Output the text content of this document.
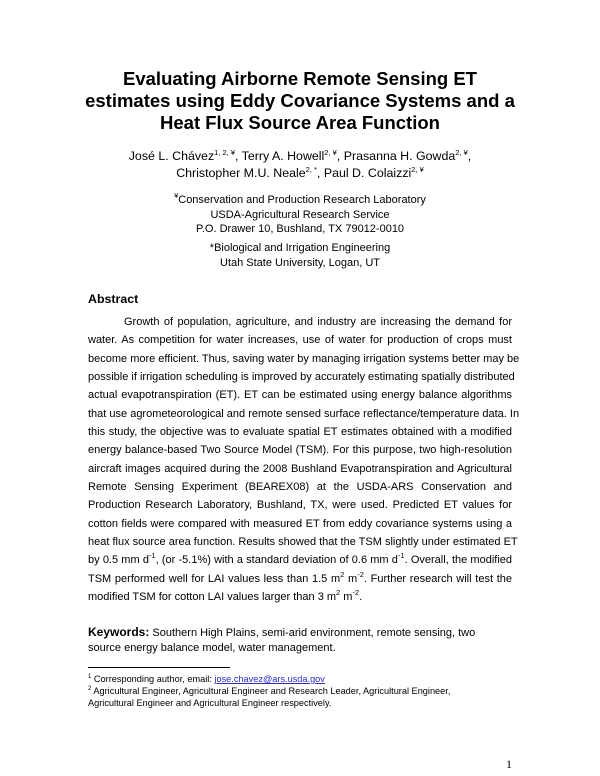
Evaluating Airborne Remote Sensing ET
estimates using Eddy Covariance Systems and a
Heat Flux Source Area Function
José L. Chávez$^{1, 2, ¥}$, Terry A. Howell$^{2, ¥}$, Prasanna H. Gowda$^{2, ¥}$,
Christopher M.U. Neale$^{2, *}$, Paul D. Colaizzi$^{2, ¥}$
¥Conservation and Production Research Laboratory
USDA-Agricultural Research Service
P.O. Drawer 10, Bushland, TX 79012-0010
*Biological and Irrigation Engineering
Utah State University, Logan, UT
Abstract
Growth of population, agriculture, and industry are increasing the demand for
water. As competition for water increases, use of water for production of crops must
become more efficient. Thus, saving water by managing irrigation systems better may be
possible if irrigation scheduling is improved by accurately estimating spatially distributed
actual evapotranspiration (ET). ET can be estimated using energy balance algorithms
that use agrometeorological and remote sensed surface reflectance/temperature data. In
this study, the objective was to evaluate spatial ET estimates obtained with a modified
energy balance-based Two Source Model (TSM). For this purpose, two high-resolution
aircraft images acquired during the 2008 Bushland Evapotranspiration and Agricultural
Remote Sensing Experiment (BEAREX08) at the USDA-ARS Conservation and
Production Research Laboratory, Bushland, TX, were used. Predicted ET values for
cotton fields were compared with measured ET from eddy covariance systems using a
heat flux source area function. Results showed that the TSM slightly under estimated ET
by 0.5 mm $d^{-1}$, (or -5.1%) with a standard deviation of 0.6 mm $d^{-1}$. Overall, the modified
TSM performed well for LAI values less than 1.5 $m^2$ $m^{-2}$. Further research will test the
modified TSM for cotton LAI values larger than 3 $m^2$ $m^{-2}$.
Keywords: Southern High Plains, semi-arid environment, remote sensing, two
source energy balance model, water management.
$^1$ Corresponding author, email: jose.chavez@ars.usda.gov
$^2$ Agricultural Engineer, Agricultural Engineer and Research Leader, Agricultural Engineer,
Agricultural Engineer and Agricultural Engineer respectively.
1
